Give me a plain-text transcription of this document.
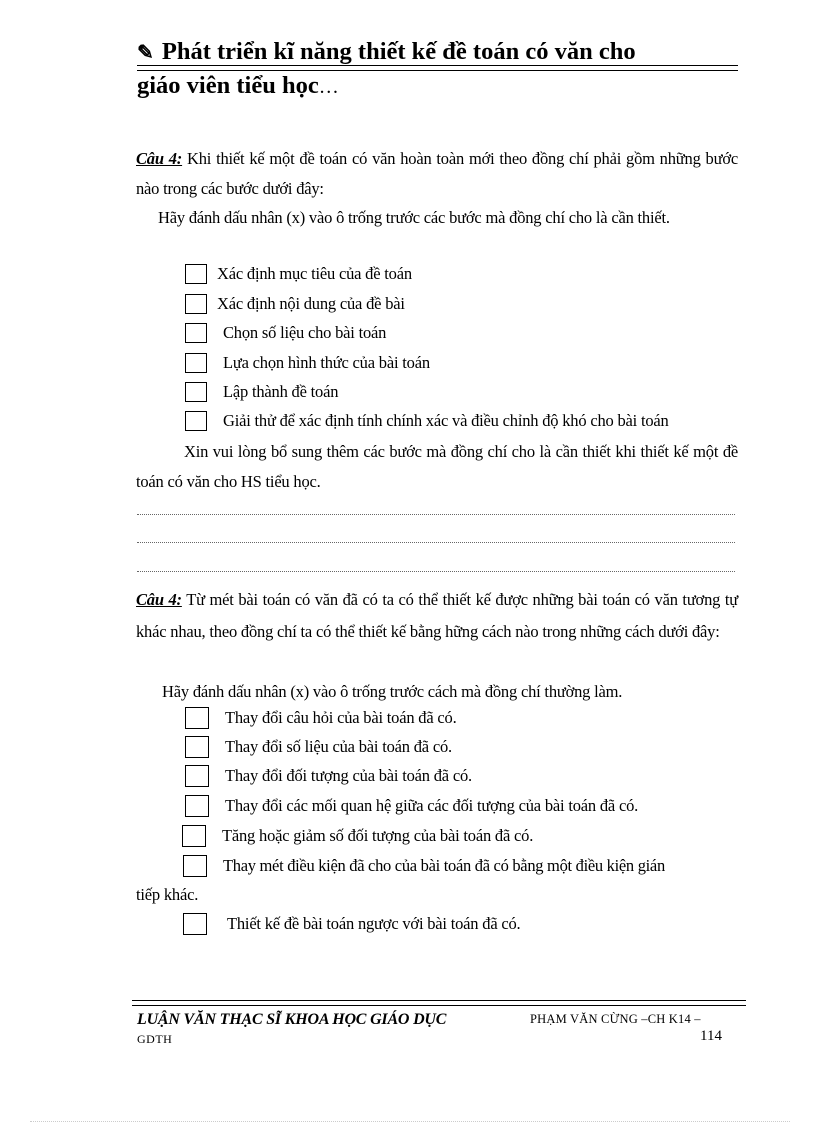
✎ Phát triển kĩ năng thiết kế đề toán có văn cho
giáo viên tiểu học…
Câu 4: Khi thiết kế một đề toán có văn hoàn toàn mới theo đồng chí phải gồm những bước nào trong các bước dưới đây:
Hãy đánh dấu nhân (x) vào ô trống trước các bước mà đồng chí cho là cần thiết.
Xác định mục tiêu của đề toán
Xác định nội dung của đề bài
Chọn số liệu cho bài toán
Lựa chọn hình thức của bài toán
Lập thành đề toán
Giải thử để xác định tính chính xác và điều chỉnh độ khó cho bài toán
Xin vui lòng bổ sung thêm các bước mà đồng chí cho là cần thiết khi thiết kế một đề toán có văn cho HS tiểu học.
Câu 4: Từ mét bài toán có văn đã có ta có thể thiết kế được những bài toán có văn tương tự khác nhau, theo đồng chí ta có thể thiết kế bằng hững cách nào trong những cách dưới đây:
Hãy đánh dấu nhân (x) vào ô trống trước cách mà đồng chí thường làm.
Thay đổi câu hỏi của bài toán đã có.
Thay đổi số liệu của bài toán đã có.
Thay đổi đối tượng của bài toán đã có.
Thay đổi các mối quan hệ giữa các đối tượng của bài toán đã có.
Tăng hoặc giảm số đối tượng của bài toán đã có.
Thay mét điều kiện đã cho của bài toán đã có bằng một điều kiện gián
tiếp khác.
Thiết kế đề bài toán ngược với bài toán đã có.
LUẬN VĂN THẠC SĨ KHOA HỌC GIÁO DỤC	PHẠM VĂN CỪNG –CH K14 –
GDTH	114
